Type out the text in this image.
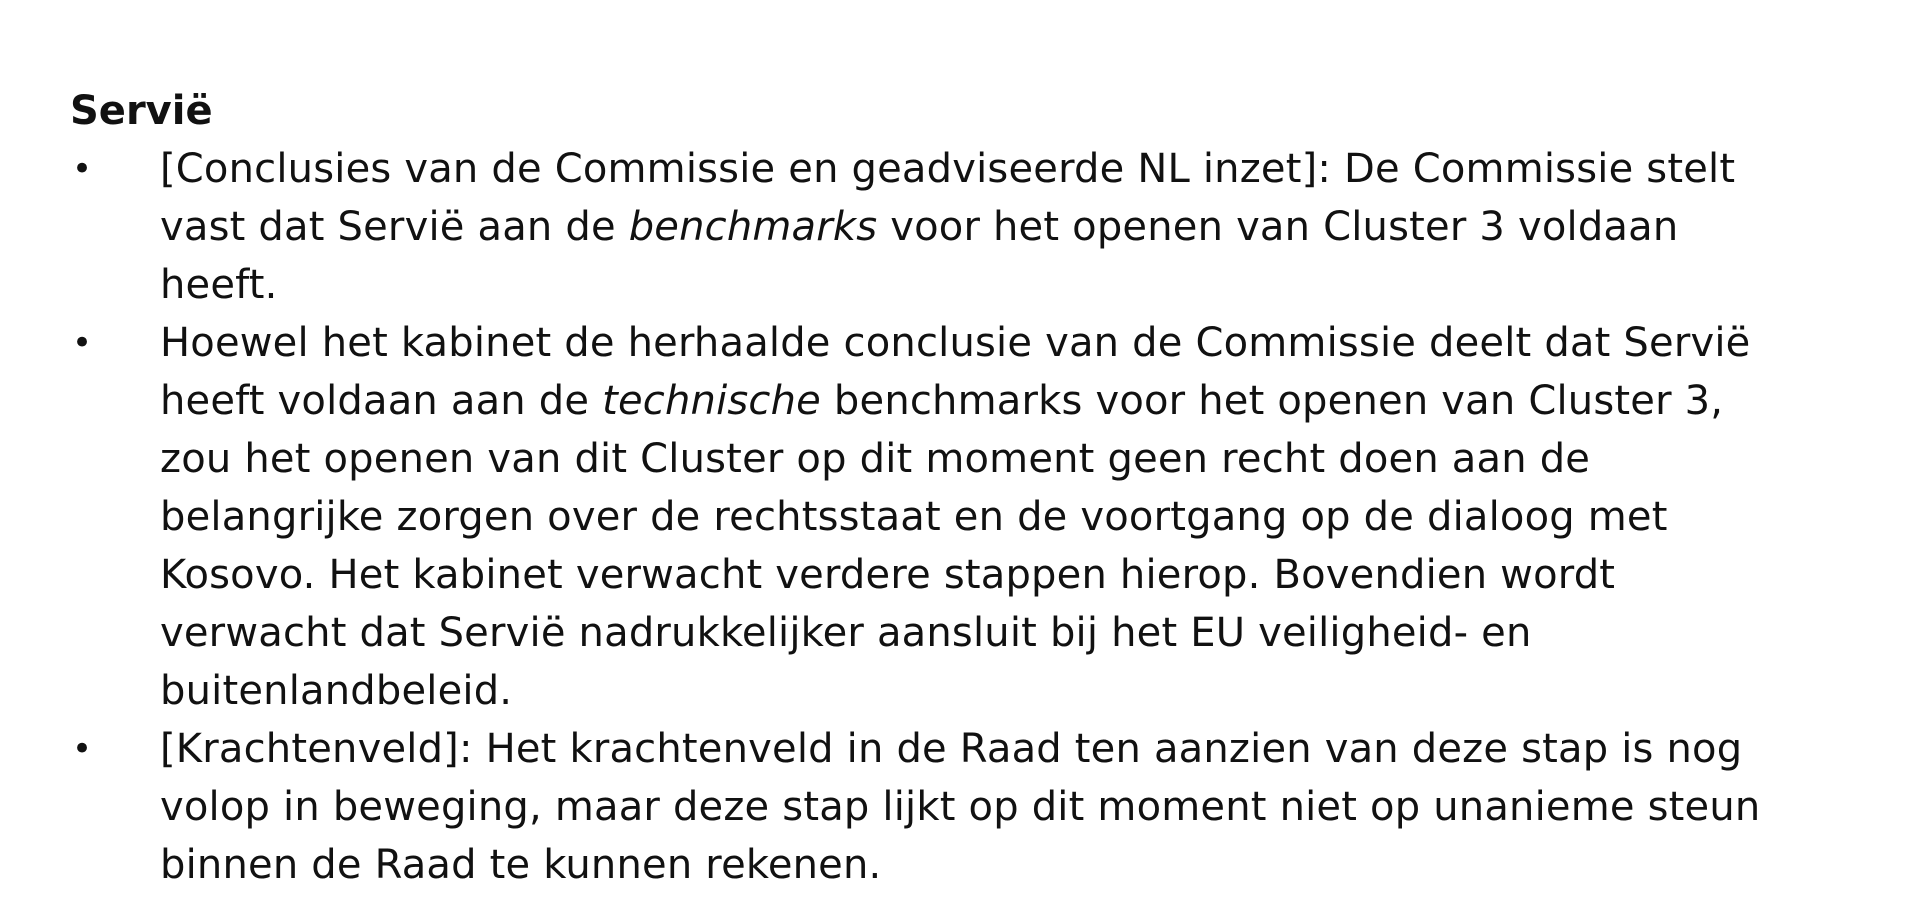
Servië
• [Conclusies van de Commissie en geadviseerde NL inzet]: De Commissie stelt
vast dat Servië aan de benchmarks voor het openen van Cluster 3 voldaan
heeft.
• Hoewel het kabinet de herhaalde conclusie van de Commissie deelt dat Servië
heeft voldaan aan de technische benchmarks voor het openen van Cluster 3,
zou het openen van dit Cluster op dit moment geen recht doen aan de
belangrijke zorgen over de rechtsstaat en de voortgang op de dialoog met
Kosovo. Het kabinet verwacht verdere stappen hierop. Bovendien wordt
verwacht dat Servië nadrukkelijker aansluit bij het EU veiligheid- en
buitenlandbeleid.
• [Krachtenveld]: Het krachtenveld in de Raad ten aanzien van deze stap is nog
volop in beweging, maar deze stap lijkt op dit moment niet op unanieme steun
binnen de Raad te kunnen rekenen.
